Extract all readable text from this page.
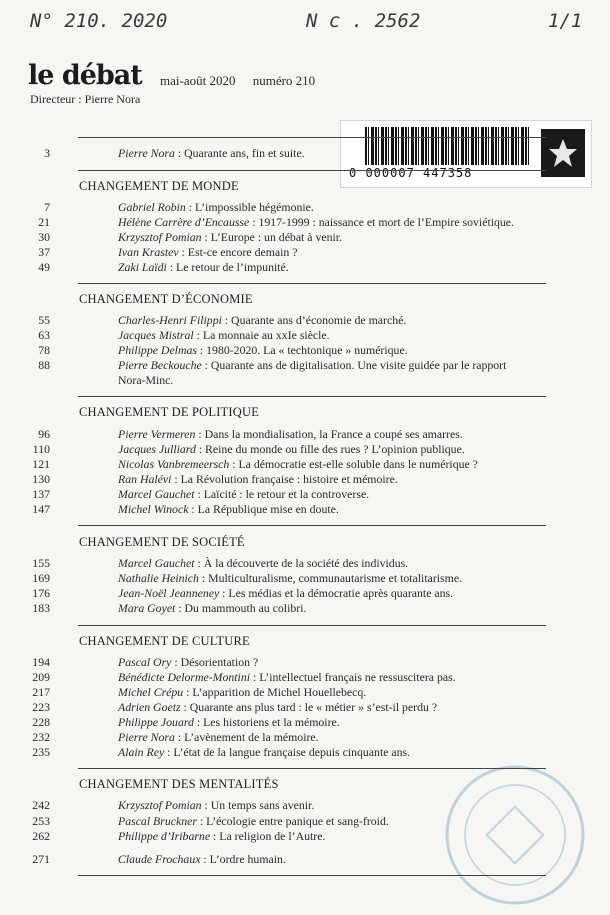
N° 210. 2020	N c . 2562	1/1
le débat mai-août 2020 numéro 210
Directeur : Pierre Nora
0 000007 447358
3	Pierre Nora : Quarante ans, fin et suite.
CHANGEMENT DE MONDE
7	Gabriel Robin : L’impossible hégémonie.
21	Hélène Carrère d’Encausse : 1917-1999 : naissance et mort de l’Empire soviétique.
30	Krzysztof Pomian : L’Europe : un débat à venir.
37	Ivan Krastev : Est-ce encore demain ?
49	Zaki Laïdi : Le retour de l’impunité.
CHANGEMENT D’ÉCONOMIE
55	Charles-Henri Filippi : Quarante ans d’économie de marché.
63	Jacques Mistral : La monnaie au xxIe siècle.
78	Philippe Delmas : 1980-2020. La « techtonique » numérique.
88	Pierre Beckouche : Quarante ans de digitalisation. Une visite guidée par le rapport
Nora-Minc.
CHANGEMENT DE POLITIQUE
96	Pierre Vermeren : Dans la mondialisation, la France a coupé ses amarres.
110	Jacques Julliard : Reine du monde ou fille des rues ? L’opinion publique.
121	Nicolas Vanbremeersch : La démocratie est-elle soluble dans le numérique ?
130	Ran Halévi : La Révolution française : histoire et mémoire.
137	Marcel Gauchet : Laïcité : le retour et la controverse.
147	Michel Winock : La République mise en doute.
CHANGEMENT DE SOCIÉTÉ
155	Marcel Gauchet : À la découverte de la société des individus.
169	Nathalie Heinich : Multiculturalisme, communautarisme et totalitarisme.
176	Jean-Noël Jeanneney : Les médias et la démocratie après quarante ans.
183	Mara Goyet : Du mammouth au colibri.
CHANGEMENT DE CULTURE
194	Pascal Ory : Désorientation ?
209	Bénédicte Delorme-Montini : L’intellectuel français ne ressuscitera pas.
217	Michel Crépu : L’apparition de Michel Houellebecq.
223	Adrien Goetz : Quarante ans plus tard : le « métier » s’est-il perdu ?
228	Philippe Jouard : Les historiens et la mémoire.
232	Pierre Nora : L’avènement de la mémoire.
235	Alain Rey : L’état de la langue française depuis cinquante ans.
CHANGEMENT DES MENTALITÉS
242	Krzysztof Pomian : Un temps sans avenir.
253	Pascal Bruckner : L’écologie entre panique et sang-froid.
262	Philippe d’Iribarne : La religion de l’Autre.
271	Claude Frochaux : L’ordre humain.
